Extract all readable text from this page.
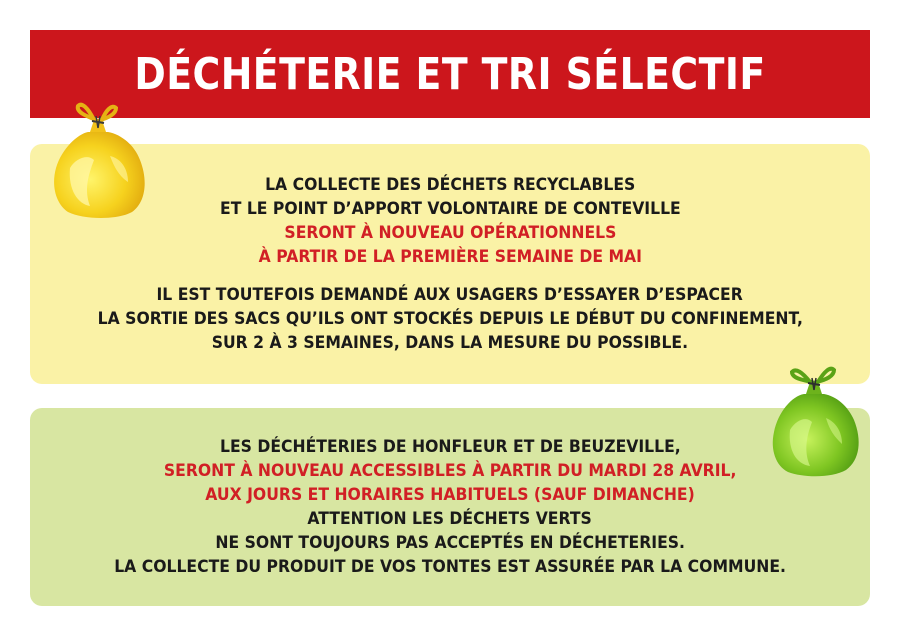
DÉCHÉTERIE ET TRI SÉLECTIF
LA COLLECTE DES DÉCHETS RECYCLABLES
ET LE POINT D’APPORT VOLONTAIRE DE CONTEVILLE
SERONT À NOUVEAU OPÉRATIONNELS
À PARTIR DE LA PREMIÈRE SEMAINE DE MAI
IL EST TOUTEFOIS DEMANDÉ AUX USAGERS D’ESSAYER D’ESPACER
LA SORTIE DES SACS QU’ILS ONT STOCKÉS DEPUIS LE DÉBUT DU CONFINEMENT,
SUR 2 À 3 SEMAINES, DANS LA MESURE DU POSSIBLE.
LES DÉCHÉTERIES DE HONFLEUR ET DE BEUZEVILLE,
SERONT À NOUVEAU ACCESSIBLES À PARTIR DU MARDI 28 AVRIL,
AUX JOURS ET HORAIRES HABITUELS (SAUF DIMANCHE)
ATTENTION LES DÉCHETS VERTS
NE SONT TOUJOURS PAS ACCEPTÉS EN DÉCHETERIES.
LA COLLECTE DU PRODUIT DE VOS TONTES EST ASSURÉE PAR LA COMMUNE.
